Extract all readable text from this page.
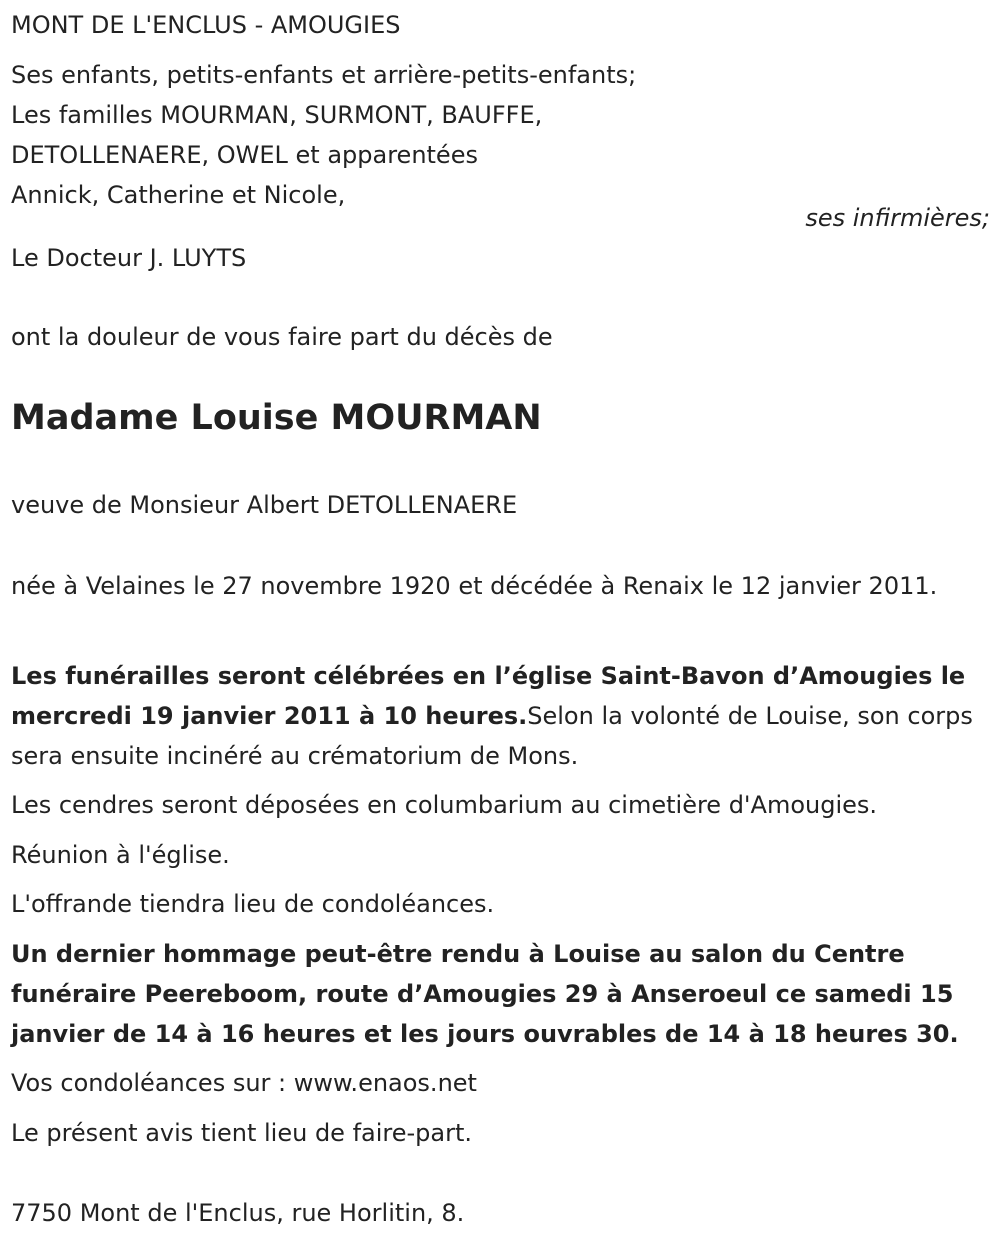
MONT DE L'ENCLUS - AMOUGIES

Ses enfants, petits-enfants et arrière-petits-enfants;
Les familles MOURMAN, SURMONT, BAUFFE,
DETOLLENAERE, OWEL et apparentées
Annick, Catherine et Nicole,
ses infirmières;

Le Docteur J. LUYTS

ont la douleur de vous faire part du décès de

Madame Louise MOURMAN

veuve de Monsieur Albert DETOLLENAERE

née à Velaines le 27 novembre 1920 et décédée à Renaix le 12 janvier 2011.

Les funérailles seront célébrées en l’église Saint-Bavon d’Amougies le mercredi 19 janvier 2011 à 10 heures.Selon la volonté de Louise, son corps sera ensuite incinéré au crématorium de Mons.

Les cendres seront déposées en columbarium au cimetière d'Amougies.

Réunion à l'église.

L'offrande tiendra lieu de condoléances.

Un dernier hommage peut-être rendu à Louise au salon du Centre funéraire Peereboom, route d’Amougies 29 à Anseroeul ce samedi 15 janvier de 14 à 16 heures et les jours ouvrables de 14 à 18 heures 30.

Vos condoléances sur : www.enaos.net

Le présent avis tient lieu de faire-part.

7750 Mont de l'Enclus, rue Horlitin, 8.
